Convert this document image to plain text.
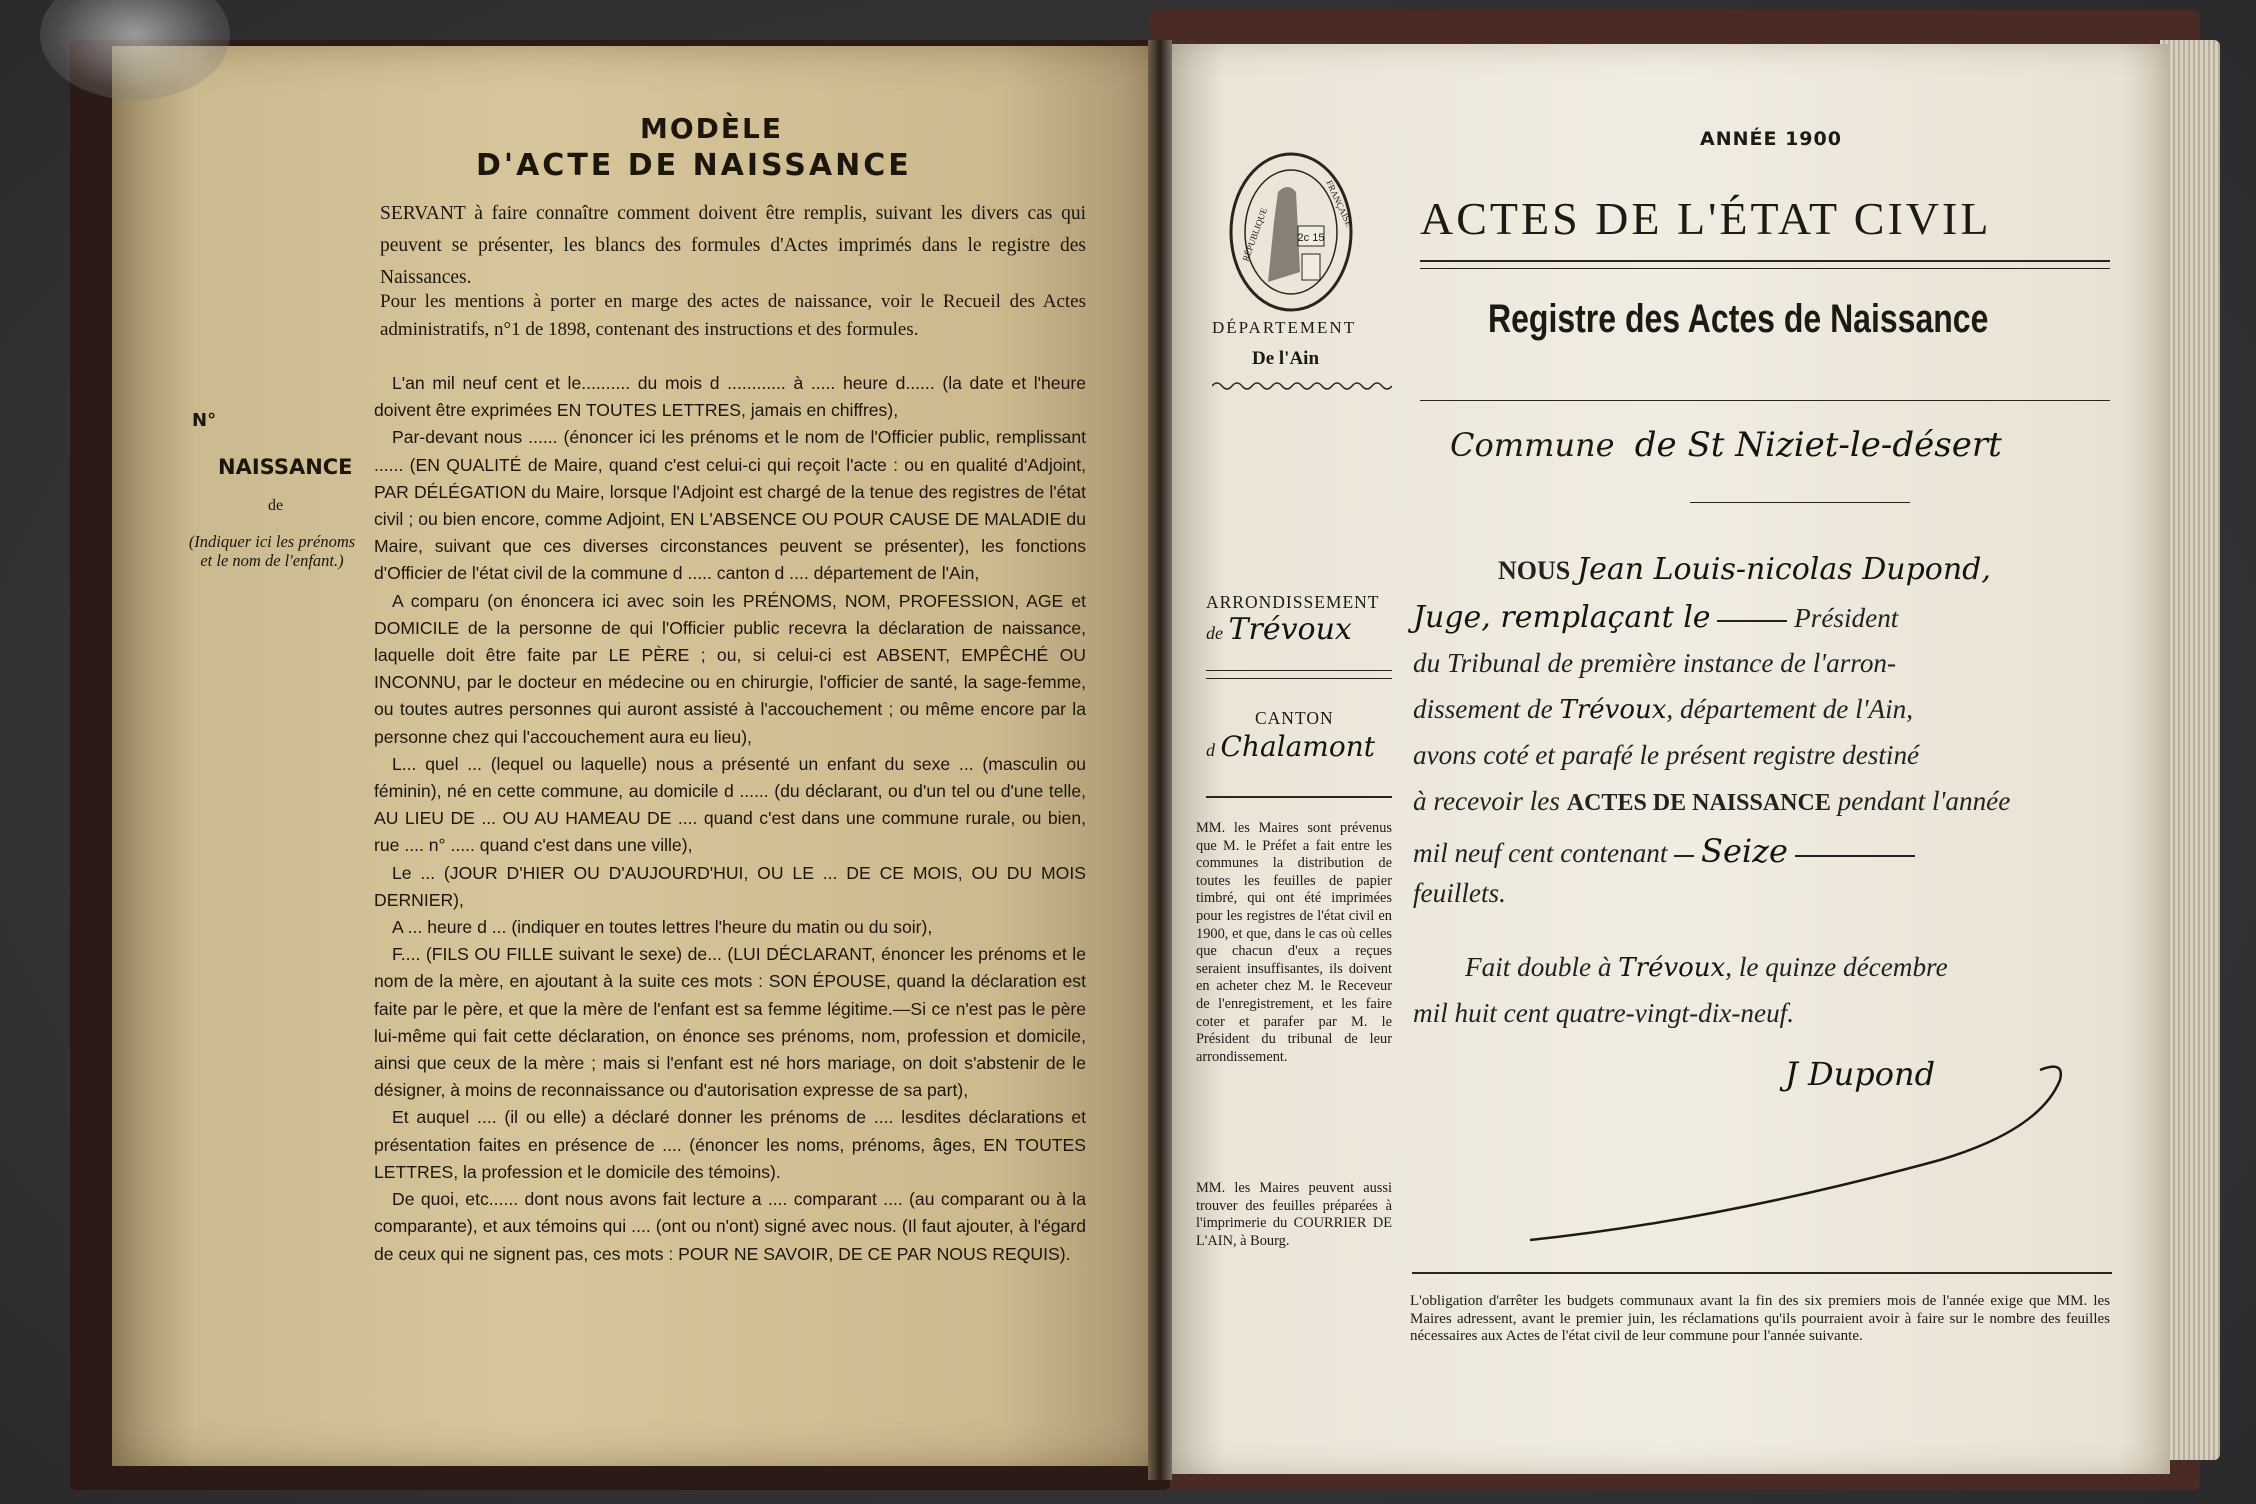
MODÈLE
D'ACTE DE NAISSANCE
SERVANT à faire connaître comment doivent être remplis, suivant les divers cas qui peuvent se présenter, les blancs des formules d'Actes imprimés dans le registre des Naissances.
Pour les mentions à porter en marge des actes de naissance, voir le Recueil des Actes administratifs, n°1 de 1898, contenant des instructions et des formules.

L'an mil neuf cent et le.......... du mois d ............ à ..... heure d...... (la date et l'heure doivent être exprimées EN TOUTES LETTRES, jamais en chiffres),

Par-devant nous ...... (énoncer ici les prénoms et le nom de l'Officier public, remplissant ...... (EN QUALITÉ de Maire, quand c'est celui-ci qui reçoit l'acte : ou en qualité d'Adjoint, PAR DÉLÉGATION du Maire, lorsque l'Adjoint est chargé de la tenue des registres de l'état civil ; ou bien encore, comme Adjoint, EN L'ABSENCE OU POUR CAUSE DE MALADIE du Maire, suivant que ces diverses circonstances peuvent se présenter), les fonctions d'Officier de l'état civil de la commune d ..... canton d .... département de l'Ain,

A comparu (on énoncera ici avec soin les PRÉNOMS, NOM, PROFESSION, AGE et DOMICILE de la personne de qui l'Officier public recevra la déclaration de naissance, laquelle doit être faite par LE PÈRE ; ou, si celui-ci est ABSENT, EMPÊCHÉ OU INCONNU, par le docteur en médecine ou en chirurgie, l'officier de santé, la sage-femme, ou toutes autres personnes qui auront assisté à l'accouchement ; ou même encore par la personne chez qui l'accouchement aura eu lieu),

L... quel ... (lequel ou laquelle) nous a présenté un enfant du sexe ... (masculin ou féminin), né en cette commune, au domicile d ...... (du déclarant, ou d'un tel ou d'une telle, AU LIEU DE ... OU AU HAMEAU DE .... quand c'est dans une commune rurale, ou bien, rue .... n° ..... quand c'est dans une ville),

Le ... (JOUR D'HIER OU D'AUJOURD'HUI, OU LE ... DE CE MOIS, OU DU MOIS DERNIER),

A ... heure d ... (indiquer en toutes lettres l'heure du matin ou du soir),

F.... (FILS OU FILLE suivant le sexe) de... (LUI DÉCLARANT, énoncer les prénoms et le nom de la mère, en ajoutant à la suite ces mots : SON ÉPOUSE, quand la déclaration est faite par le père, et que la mère de l'enfant est sa femme légitime.—Si ce n'est pas le père lui-même qui fait cette déclaration, on énonce ses prénoms, nom, profession et domicile, ainsi que ceux de la mère ; mais si l'enfant est né hors mariage, on doit s'abstenir de le désigner, à moins de reconnaissance ou d'autorisation expresse de sa part),

Et auquel .... (il ou elle) a déclaré donner les prénoms de .... lesdites déclarations et présentation faites en présence de .... (énoncer les noms, prénoms, âges, EN TOUTES LETTRES, la profession et le domicile des témoins).

De quoi, etc...... dont nous avons fait lecture a .... comparant .... (au comparant ou à la comparante), et aux témoins qui .... (ont ou n'ont) signé avec nous. (Il faut ajouter, à l'égard de ceux qui ne signent pas, ces mots : POUR NE SAVOIR, DE CE PAR NOUS REQUIS).

N°
NAISSANCE
de
(Indiquer ici les prénoms et le nom de l'enfant.)
ANNÉE 1900
ACTES DE L'ÉTAT CIVIL
Registre des Actes de Naissance
2c 15
RÉPUBLIQUE
FRANÇAISE
DÉPARTEMENT
De l'Ain
Commune de St Niziet-le-désert
ARRONDISSEMENT
de Trévoux
CANTON
d Chalamont
MM. les Maires sont prévenus que M. le Préfet a fait entre les communes la distribution de toutes les feuilles de papier timbré, qui ont été imprimées pour les registres de l'état civil en 1900, et que, dans le cas où celles que chacun d'eux a reçues seraient insuffisantes, ils doivent en acheter chez M. le Receveur de l'enregistrement, et les faire coter et parafer par M. le Président du tribunal de leur arrondissement.
MM. les Maires peuvent aussi trouver des feuilles préparées à l'imprimerie du COURRIER DE L'AIN, à Bourg.
NOUS Jean Louis-nicolas Dupond,
Juge, remplaçant le	Président
du Tribunal de première instance de l'arron-
dissement de Trévoux, département de l'Ain,
avons coté et parafé le présent registre destiné
à recevoir les ACTES DE NAISSANCE pendant l'année
mil neuf cent contenant Seize
feuillets.
Fait double à Trévoux, le quinze décembre
mil huit cent quatre-vingt-dix-neuf.
J Dupond
L'obligation d'arrêter les budgets communaux avant la fin des six premiers mois de l'année exige que MM. les Maires adressent, avant le premier juin, les réclamations qu'ils pourraient avoir à faire sur le nombre des feuilles nécessaires aux Actes de l'état civil de leur commune pour l'année suivante.
